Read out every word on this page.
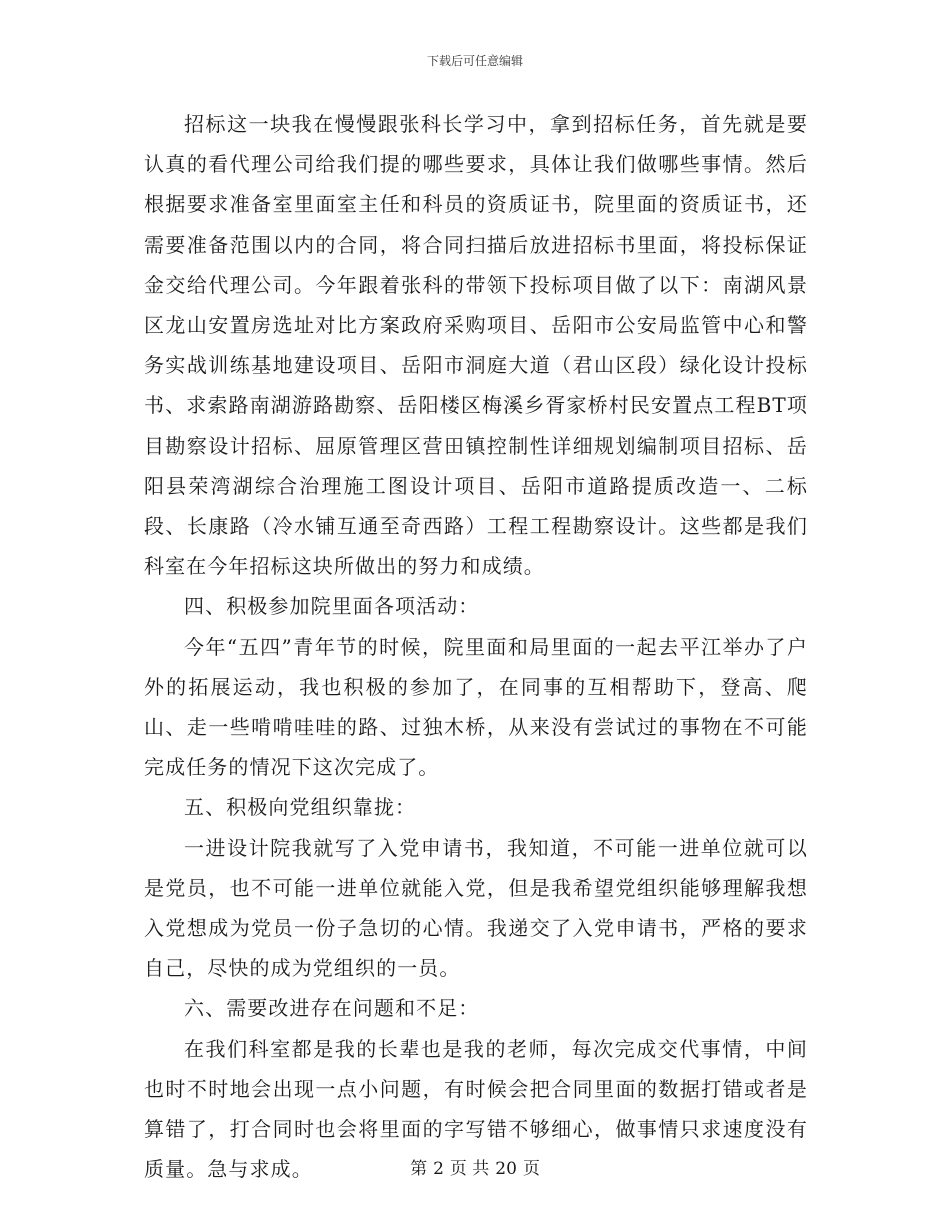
下载后可任意编辑

招标这一块我在慢慢跟张科长学习中，拿到招标任务，首先就是要认真的看代理公司给我们提的哪些要求，具体让我们做哪些事情。然后根据要求准备室里面室主任和科员的资质证书，院里面的资质证书，还需要准备范围以内的合同，将合同扫描后放进招标书里面，将投标保证金交给代理公司。今年跟着张科的带领下投标项目做了以下：南湖风景区龙山安置房选址对比方案政府采购项目、岳阳市公安局监管中心和警务实战训练基地建设项目、岳阳市洞庭大道（君山区段）绿化设计投标书、求索路南湖游路勘察、岳阳楼区梅溪乡胥家桥村民安置点工程BT项目勘察设计招标、屈原管理区营田镇控制性详细规划编制项目招标、岳阳县荣湾湖综合治理施工图设计项目、岳阳市道路提质改造一、二标段、长康路（冷水铺互通至奇西路）工程工程勘察设计。这些都是我们科室在今年招标这块所做出的努力和成绩。

四、积极参加院里面各项活动：

今年“五四”青年节的时候，院里面和局里面的一起去平江举办了户外的拓展运动，我也积极的参加了，在同事的互相帮助下，登高、爬山、走一些啃啃哇哇的路、过独木桥，从来没有尝试过的事物在不可能完成任务的情况下这次完成了。

五、积极向党组织靠拢：

一进设计院我就写了入党申请书，我知道，不可能一进单位就可以是党员，也不可能一进单位就能入党，但是我希望党组织能够理解我想入党想成为党员一份子急切的心情。我递交了入党申请书，严格的要求自己，尽快的成为党组织的一员。

六、需要改进存在问题和不足：

在我们科室都是我的长辈也是我的老师，每次完成交代事情，中间也时不时地会出现一点小问题，有时候会把合同里面的数据打错或者是算错了，打合同时也会将里面的字写错不够细心，做事情只求速度没有质量。急与求成。	第 2 页 共 20 页
